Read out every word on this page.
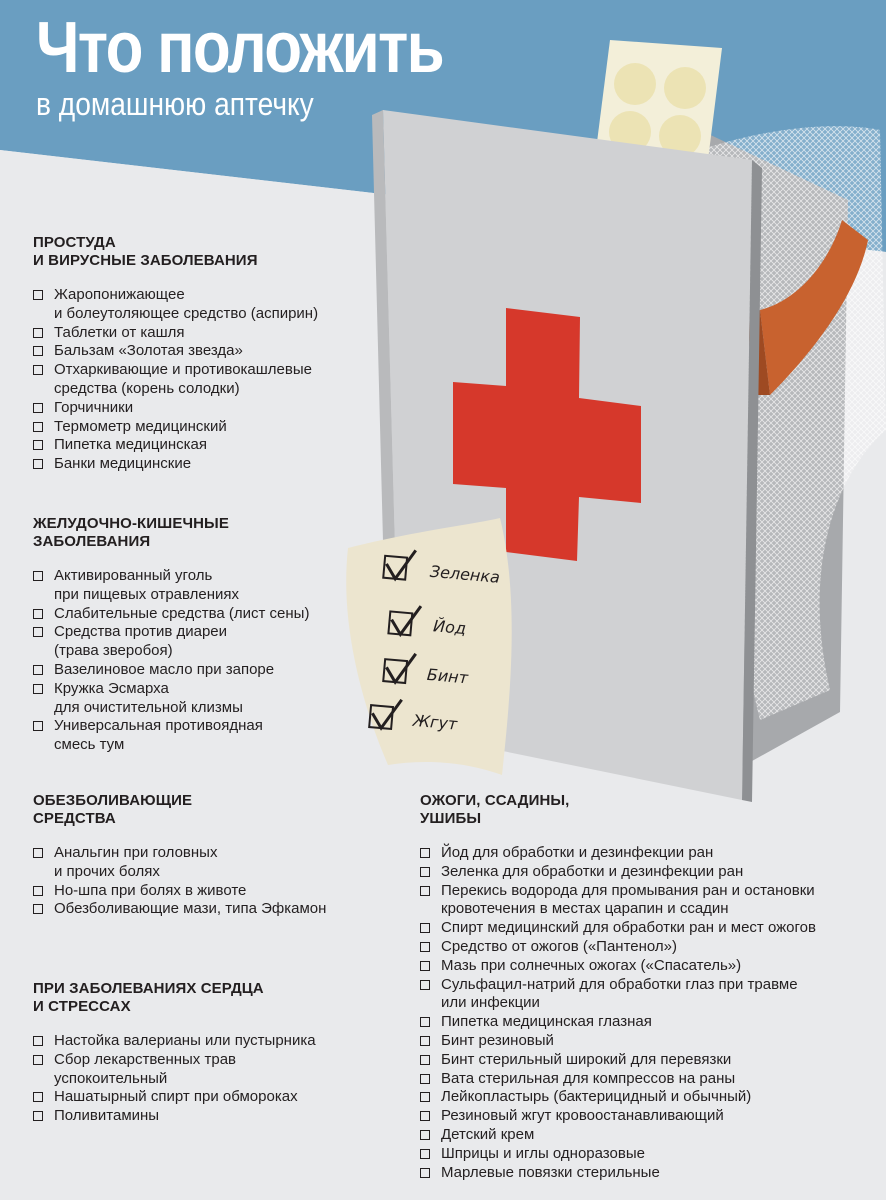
Что положить

в домашнюю аптечку

Зеленка
Йод
Бинт
Жгут
ПРОСТУДА
И ВИРУСНЫЕ ЗАБОЛЕВАНИЯ
Жаропонижающее
и болеутоляющее средство (аспирин)
Таблетки от кашля
Бальзам «Золотая звезда»
Отхаркивающие и противокашлевые
средства (корень солодки)
Горчичники
Термометр медицинский
Пипетка медицинская
Банки медицинские
ЖЕЛУДОЧНО-КИШЕЧНЫЕ
ЗАБОЛЕВАНИЯ
Активированный уголь
при пищевых отравлениях
Слабительные средства (лист сены)
Средства против диареи
(трава зверобоя)
Вазелиновое масло при запоре
Кружка Эсмарха
для очистительной клизмы
Универсальная противоядная
смесь тум
ОБЕЗБОЛИВАЮЩИЕ
СРЕДСТВА
Анальгин при головных
и прочих болях
Но-шпа при болях в животе
Обезболивающие мази, типа Эфкамон
ПРИ ЗАБОЛЕВАНИЯХ СЕРДЦА
И СТРЕССАХ
Настойка валерианы или пустырника
Сбор лекарственных трав
успокоительный
Нашатырный спирт при обмороках
Поливитамины
ОЖОГИ, ССАДИНЫ,
УШИБЫ
Йод для обработки и дезинфекции ран
Зеленка для обработки и дезинфекции ран
Перекись водорода для промывания ран и остановки
кровотечения в местах царапин и ссадин
Спирт медицинский для обработки ран и мест ожогов
Средство от ожогов («Пантенол»)
Мазь при солнечных ожогах («Спасатель»)
Сульфацил-натрий для обработки глаз при травме
или инфекции
Пипетка медицинская глазная
Бинт резиновый
Бинт стерильный широкий для перевязки
Вата стерильная для компрессов на раны
Лейкопластырь (бактерицидный и обычный)
Резиновый жгут кровоостанавливающий
Детский крем
Шприцы и иглы одноразовые
Марлевые повязки стерильные
